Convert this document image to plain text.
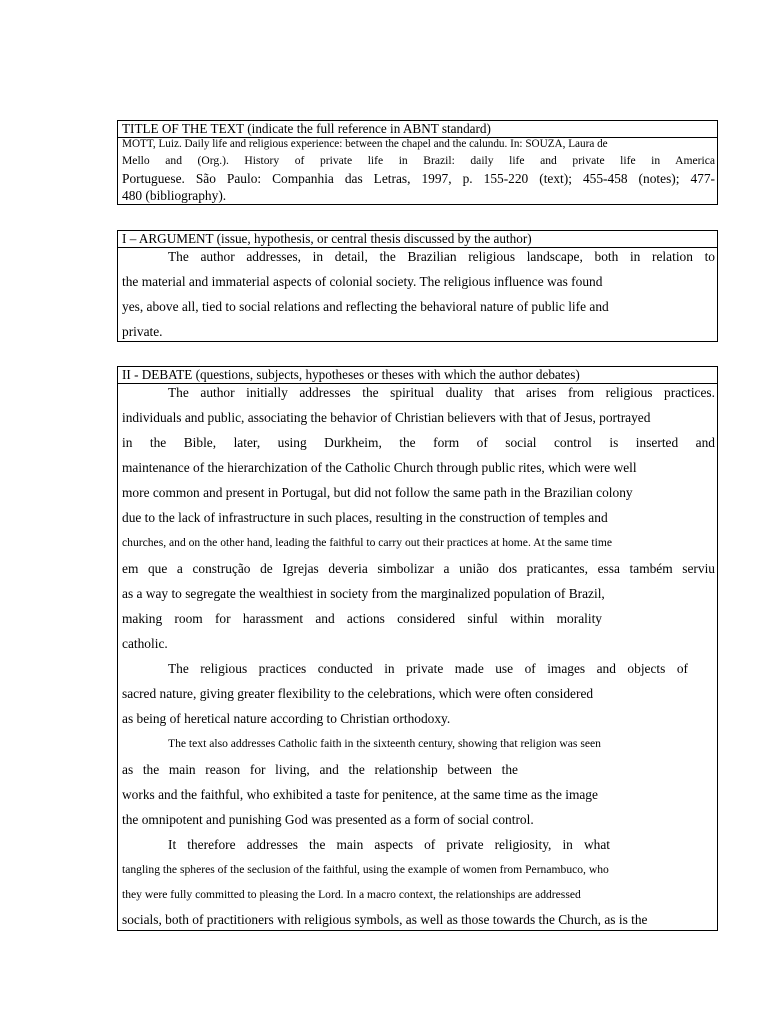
TITLE OF THE TEXT (indicate the full reference in ABNT standard)
MOTT, Luiz. Daily life and religious experience: between the chapel and the calundu. In: SOUZA, Laura de
Mello and (Org.). History of private life in Brazil: daily life and private life in America
Portuguese. São Paulo: Companhia das Letras, 1997, p. 155-220 (text); 455-458 (notes); 477-
480 (bibliography).
I – ARGUMENT (issue, hypothesis, or central thesis discussed by the author)
The author addresses, in detail, the Brazilian religious landscape, both in relation to
the material and immaterial aspects of colonial society. The religious influence was found
yes, above all, tied to social relations and reflecting the behavioral nature of public life and
private.
II - DEBATE (questions, subjects, hypotheses or theses with which the author debates)
The author initially addresses the spiritual duality that arises from religious practices.
individuals and public, associating the behavior of Christian believers with that of Jesus, portrayed
in the Bible, later, using Durkheim, the form of social control is inserted and
maintenance of the hierarchization of the Catholic Church through public rites, which were well
more common and present in Portugal, but did not follow the same path in the Brazilian colony
due to the lack of infrastructure in such places, resulting in the construction of temples and
churches, and on the other hand, leading the faithful to carry out their practices at home. At the same time
em que a construção de Igrejas deveria simbolizar a união dos praticantes, essa também serviu
as a way to segregate the wealthiest in society from the marginalized population of Brazil,
making room for harassment and actions considered sinful within morality
catholic.
The religious practices conducted in private made use of images and objects of
sacred nature, giving greater flexibility to the celebrations, which were often considered
as being of heretical nature according to Christian orthodoxy.
The text also addresses Catholic faith in the sixteenth century, showing that religion was seen
as the main reason for living, and the relationship between the
works and the faithful, who exhibited a taste for penitence, at the same time as the image
the omnipotent and punishing God was presented as a form of social control.
It therefore addresses the main aspects of private religiosity, in what
tangling the spheres of the seclusion of the faithful, using the example of women from Pernambuco, who
they were fully committed to pleasing the Lord. In a macro context, the relationships are addressed
socials, both of practitioners with religious symbols, as well as those towards the Church, as is the
